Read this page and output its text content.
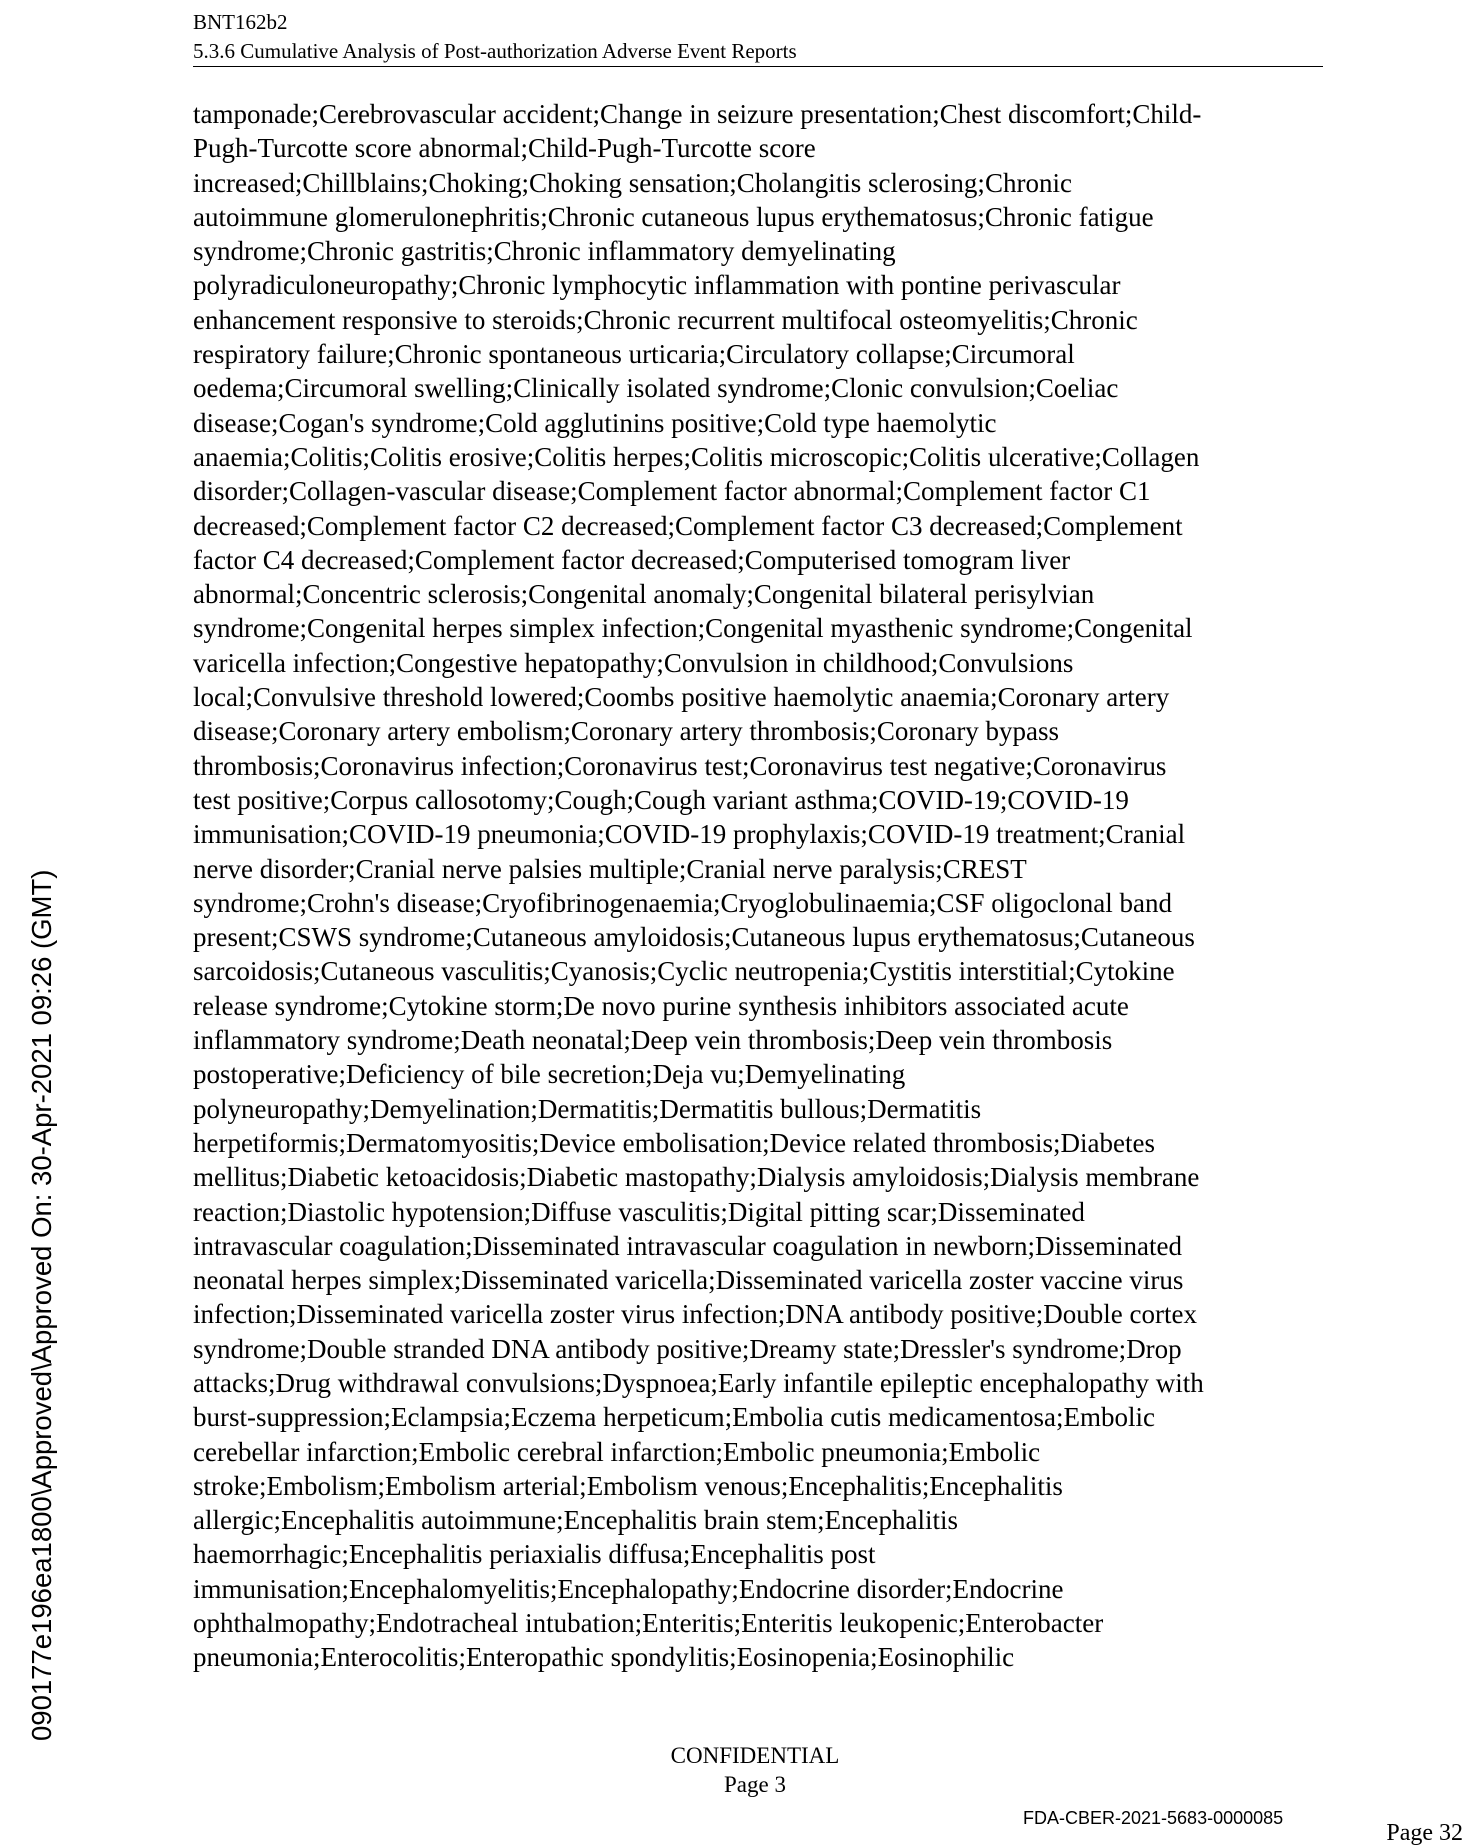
BNT162b2
5.3.6 Cumulative Analysis of Post-authorization Adverse Event Reports
tamponade;Cerebrovascular accident;Change in seizure presentation;Chest discomfort;Child-
Pugh-Turcotte score abnormal;Child-Pugh-Turcotte score
increased;Chillblains;Choking;Choking sensation;Cholangitis sclerosing;Chronic
autoimmune glomerulonephritis;Chronic cutaneous lupus erythematosus;Chronic fatigue
syndrome;Chronic gastritis;Chronic inflammatory demyelinating
polyradiculoneuropathy;Chronic lymphocytic inflammation with pontine perivascular
enhancement responsive to steroids;Chronic recurrent multifocal osteomyelitis;Chronic
respiratory failure;Chronic spontaneous urticaria;Circulatory collapse;Circumoral
oedema;Circumoral swelling;Clinically isolated syndrome;Clonic convulsion;Coeliac
disease;Cogan's syndrome;Cold agglutinins positive;Cold type haemolytic
anaemia;Colitis;Colitis erosive;Colitis herpes;Colitis microscopic;Colitis ulcerative;Collagen
disorder;Collagen-vascular disease;Complement factor abnormal;Complement factor C1
decreased;Complement factor C2 decreased;Complement factor C3 decreased;Complement
factor C4 decreased;Complement factor decreased;Computerised tomogram liver
abnormal;Concentric sclerosis;Congenital anomaly;Congenital bilateral perisylvian
syndrome;Congenital herpes simplex infection;Congenital myasthenic syndrome;Congenital
varicella infection;Congestive hepatopathy;Convulsion in childhood;Convulsions
local;Convulsive threshold lowered;Coombs positive haemolytic anaemia;Coronary artery
disease;Coronary artery embolism;Coronary artery thrombosis;Coronary bypass
thrombosis;Coronavirus infection;Coronavirus test;Coronavirus test negative;Coronavirus
test positive;Corpus callosotomy;Cough;Cough variant asthma;COVID-19;COVID-19
immunisation;COVID-19 pneumonia;COVID-19 prophylaxis;COVID-19 treatment;Cranial
nerve disorder;Cranial nerve palsies multiple;Cranial nerve paralysis;CREST
syndrome;Crohn's disease;Cryofibrinogenaemia;Cryoglobulinaemia;CSF oligoclonal band
present;CSWS syndrome;Cutaneous amyloidosis;Cutaneous lupus erythematosus;Cutaneous
sarcoidosis;Cutaneous vasculitis;Cyanosis;Cyclic neutropenia;Cystitis interstitial;Cytokine
release syndrome;Cytokine storm;De novo purine synthesis inhibitors associated acute
inflammatory syndrome;Death neonatal;Deep vein thrombosis;Deep vein thrombosis
postoperative;Deficiency of bile secretion;Deja vu;Demyelinating
polyneuropathy;Demyelination;Dermatitis;Dermatitis bullous;Dermatitis
herpetiformis;Dermatomyositis;Device embolisation;Device related thrombosis;Diabetes
mellitus;Diabetic ketoacidosis;Diabetic mastopathy;Dialysis amyloidosis;Dialysis membrane
reaction;Diastolic hypotension;Diffuse vasculitis;Digital pitting scar;Disseminated
intravascular coagulation;Disseminated intravascular coagulation in newborn;Disseminated
neonatal herpes simplex;Disseminated varicella;Disseminated varicella zoster vaccine virus
infection;Disseminated varicella zoster virus infection;DNA antibody positive;Double cortex
syndrome;Double stranded DNA antibody positive;Dreamy state;Dressler's syndrome;Drop
attacks;Drug withdrawal convulsions;Dyspnoea;Early infantile epileptic encephalopathy with
burst-suppression;Eclampsia;Eczema herpeticum;Embolia cutis medicamentosa;Embolic
cerebellar infarction;Embolic cerebral infarction;Embolic pneumonia;Embolic
stroke;Embolism;Embolism arterial;Embolism venous;Encephalitis;Encephalitis
allergic;Encephalitis autoimmune;Encephalitis brain stem;Encephalitis
haemorrhagic;Encephalitis periaxialis diffusa;Encephalitis post
immunisation;Encephalomyelitis;Encephalopathy;Endocrine disorder;Endocrine
ophthalmopathy;Endotracheal intubation;Enteritis;Enteritis leukopenic;Enterobacter
pneumonia;Enterocolitis;Enteropathic spondylitis;Eosinopenia;Eosinophilic
CONFIDENTIAL
Page 3
FDA-CBER-2021-5683-0000085
Page 32
090177e196ea1800\Approved\Approved On: 30-Apr-2021 09:26 (GMT)
